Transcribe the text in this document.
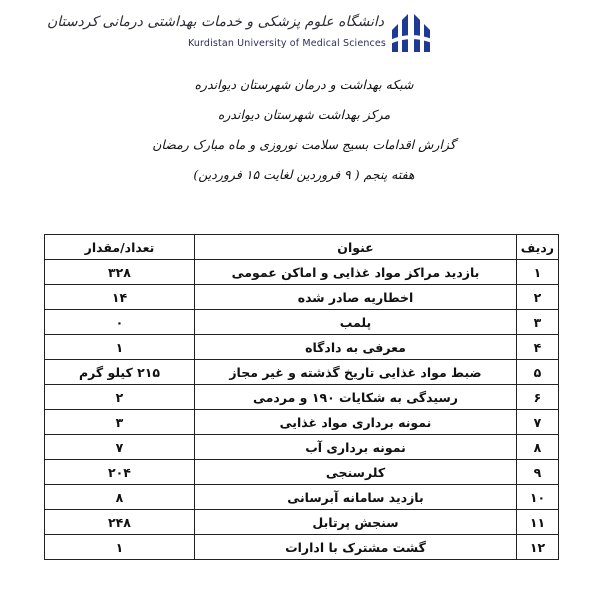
دانشگاه علوم پزشکی و خدمات بهداشتی درمانی کردستان
Kurdistan University of Medical Sciences
شبکه بهداشت و درمان شهرستان دیواندره
مرکز بهداشت شهرستان دیواندره
گزارش اقدامات بسیج سلامت نوروزی و ماه مبارک رمضان
هفته پنجم ( ۹ فروردین لغایت ۱۵ فروردین)
ردیف	عنوان	تعداد/مقدار
۱	بازدید مراکز مواد غذایی و اماکن عمومی	۳۲۸
۲	اخطاریه صادر شده	۱۴
۳	پلمب	۰
۴	معرفی به دادگاه	۱
۵	ضبط مواد غذایی تاریخ گذشته و غیر مجاز	۲۱۵ کیلو گرم
۶	رسیدگی به شکایات ۱۹۰ و مردمی	۲
۷	نمونه برداری مواد غذایی	۳
۸	نمونه برداری آب	۷
۹	کلرسنجی	۲۰۴
۱۰	بازدید سامانه آبرسانی	۸
۱۱	سنجش پرتابل	۲۴۸
۱۲	گشت مشترک با ادارات	۱
